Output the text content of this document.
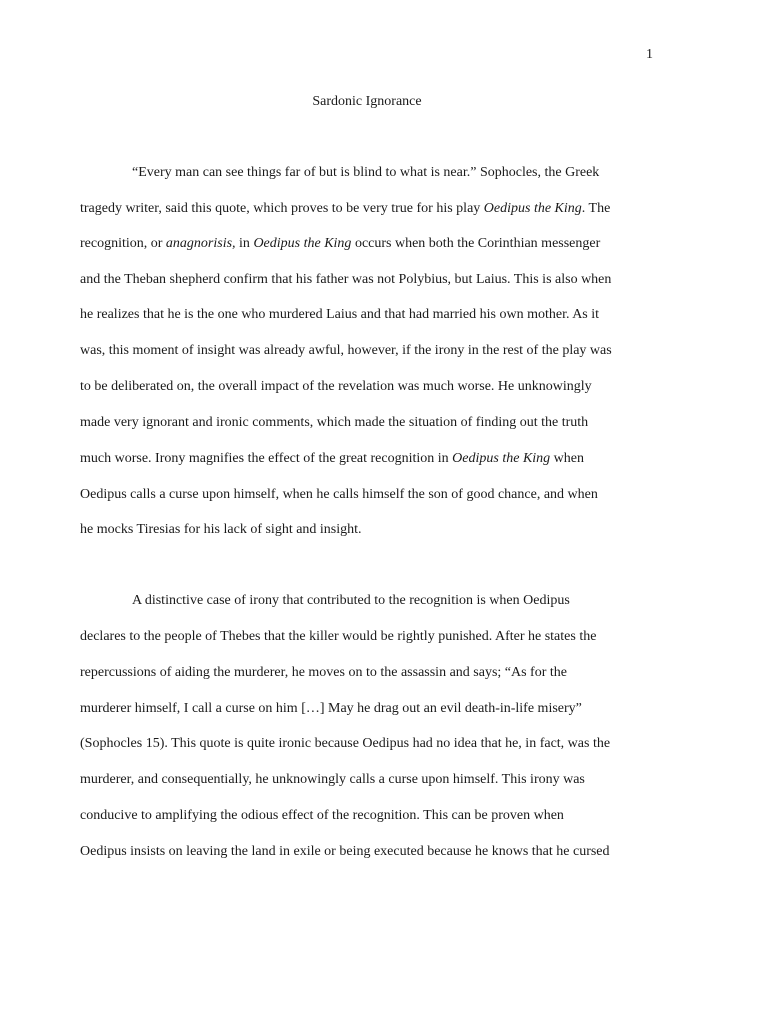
1
Sardonic Ignorance
“Every man can see things far of but is blind to what is near.” Sophocles, the Greek
tragedy writer, said this quote, which proves to be very true for his play Oedipus the King. The
recognition, or anagnorisis, in Oedipus the King occurs when both the Corinthian messenger
and the Theban shepherd confirm that his father was not Polybius, but Laius. This is also when
he realizes that he is the one who murdered Laius and that had married his own mother. As it
was, this moment of insight was already awful, however, if the irony in the rest of the play was
to be deliberated on, the overall impact of the revelation was much worse. He unknowingly
made very ignorant and ironic comments, which made the situation of finding out the truth
much worse. Irony magnifies the effect of the great recognition in Oedipus the King when
Oedipus calls a curse upon himself, when he calls himself the son of good chance, and when
he mocks Tiresias for his lack of sight and insight.
A distinctive case of irony that contributed to the recognition is when Oedipus
declares to the people of Thebes that the killer would be rightly punished. After he states the
repercussions of aiding the murderer, he moves on to the assassin and says; “As for the
murderer himself, I call a curse on him […] May he drag out an evil death-in-life misery”
(Sophocles 15). This quote is quite ironic because Oedipus had no idea that he, in fact, was the
murderer, and consequentially, he unknowingly calls a curse upon himself. This irony was
conducive to amplifying the odious effect of the recognition. This can be proven when
Oedipus insists on leaving the land in exile or being executed because he knows that he cursed
